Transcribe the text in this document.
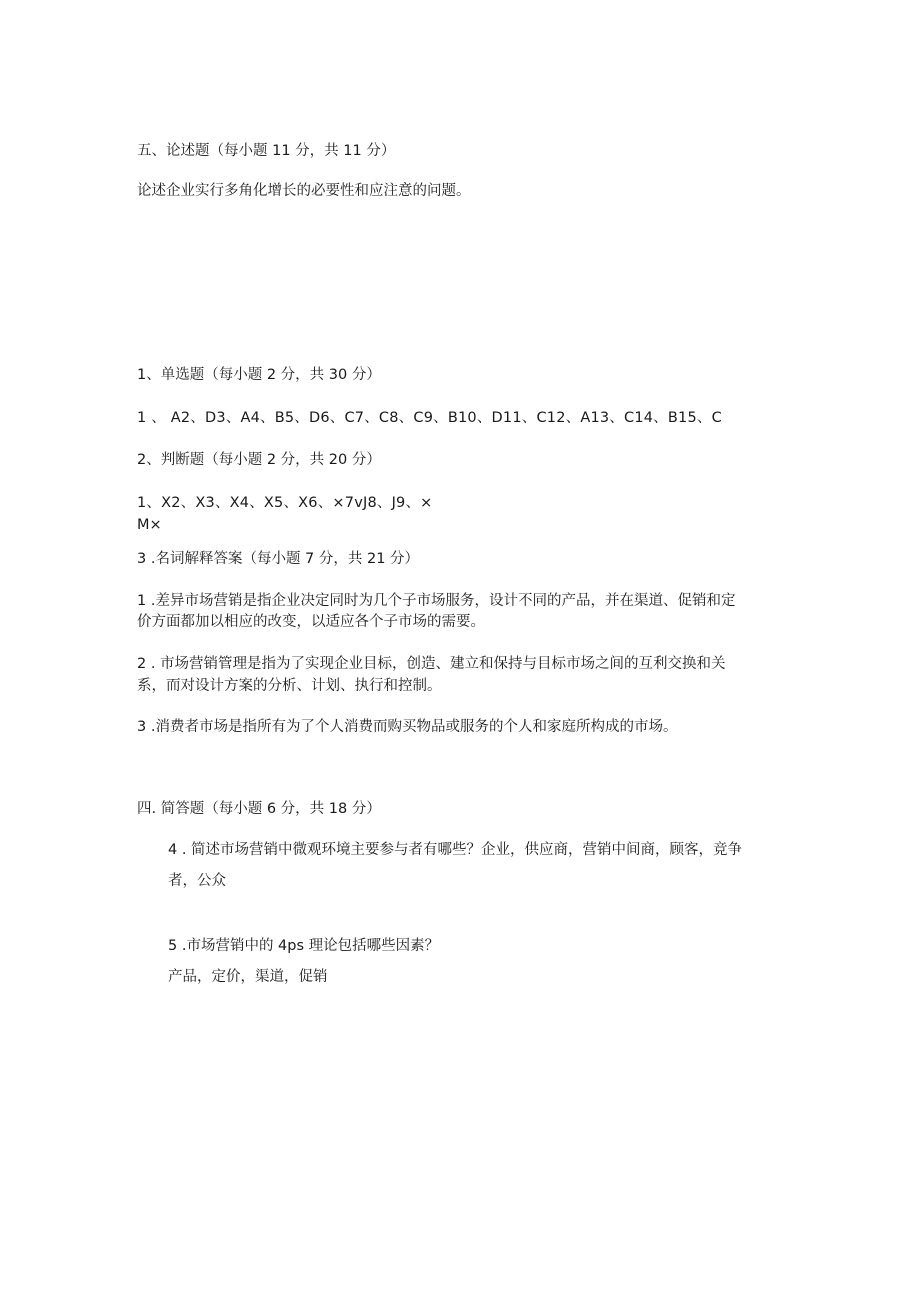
五、论述题（每小题 11 分，共 11 分）
论述企业实行多角化增长的必要性和应注意的问题。
1、单选题（每小题 2 分，共 30 分）
1 、 A2、D3、A4、B5、D6、C7、C8、C9、B10、D11、C12、A13、C14、B15、C
2、判断题（每小题 2 分，共 20 分）
1、X2、X3、X4、X5、X6、×7vJ8、J9、×
M×
3 .名词解释答案（每小题 7 分，共 21 分）
1 .差异市场营销是指企业决定同时为几个子市场服务，设计不同的产品，并在渠道、促销和定
价方面都加以相应的改变，以适应各个子市场的需要。
2 . 市场营销管理是指为了实现企业目标，创造、建立和保持与目标市场之间的互利交换和关
系，而对设计方案的分析、计划、执行和控制。
3 .消费者市场是指所有为了个人消费而购买物品或服务的个人和家庭所构成的市场。
四. 简答题（每小题 6 分，共 18 分）
4 . 简述市场营销中微观环境主要参与者有哪些？企业，供应商，营销中间商，顾客，竞争
者，公众
5 .市场营销中的 4ps 理论包括哪些因素？
产品，定价，渠道，促销
